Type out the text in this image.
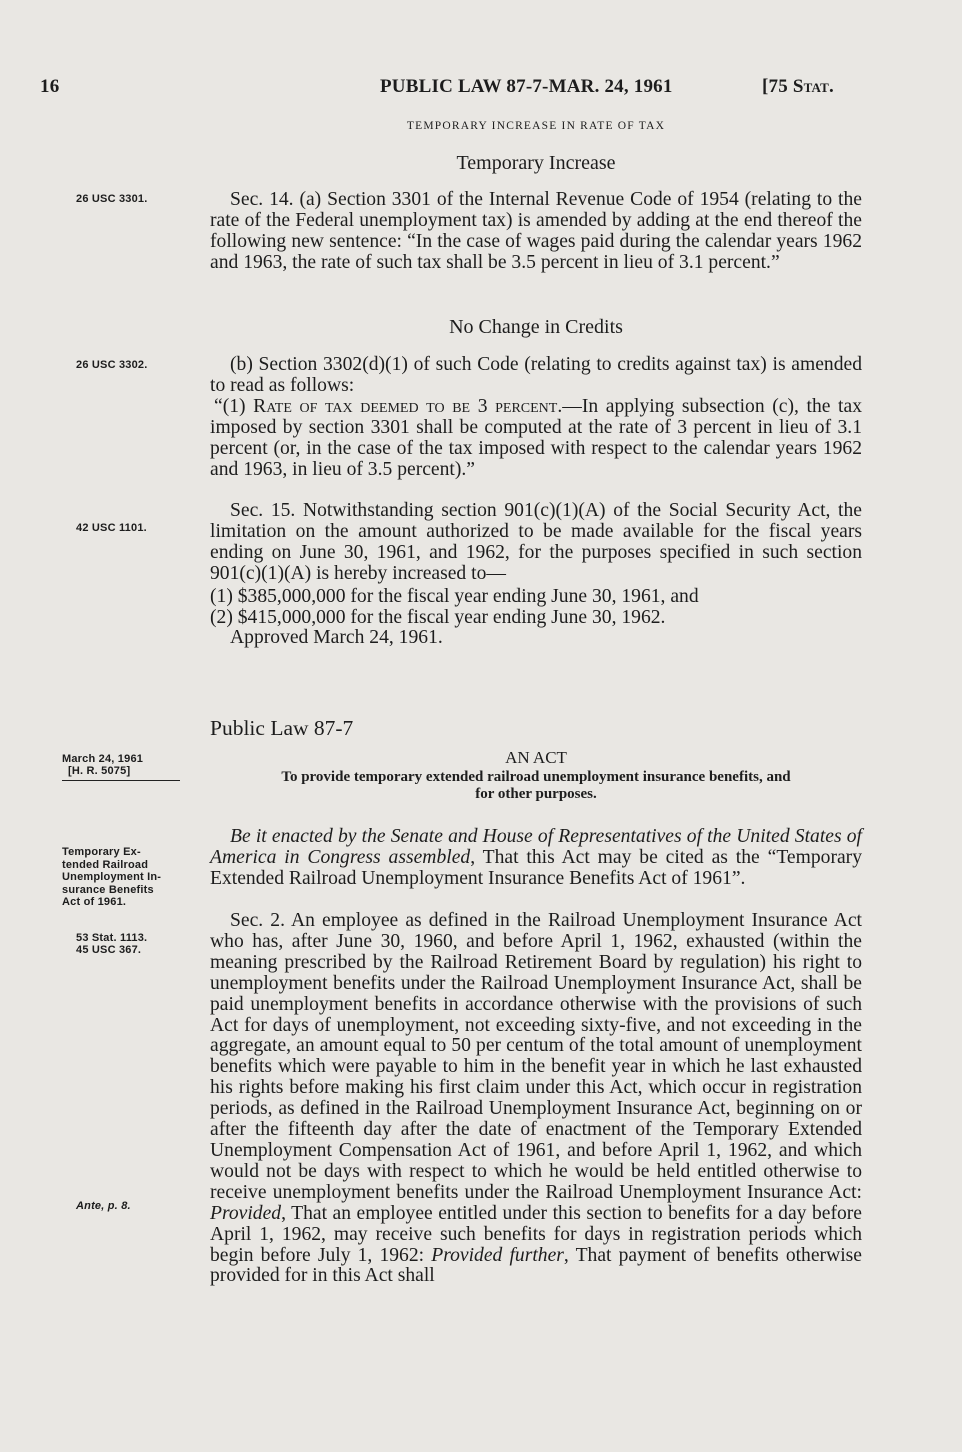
16	PUBLIC LAW 87-7-MAR. 24, 1961	[75 Stat.
TEMPORARY INCREASE IN RATE OF TAX
Temporary Increase
26 USC 3301.
26 USC 3302.
42 USC 1101.
March 24, 1961
[H. R. 5075]
Temporary Ex-
tended Railroad
Unemployment In-
surance Benefits
Act of 1961.
53 Stat. 1113.
45 USC 367.
Ante, p. 8.

Sec. 14. (a) Section 3301 of the Internal Revenue Code of 1954 (relating to the rate of the Federal unemployment tax) is amended by adding at the end thereof the following new sentence: “In the case of wages paid during the calendar years 1962 and 1963, the rate of such tax shall be 3.5 percent in lieu of 3.1 percent.”

No Change in Credits

(b) Section 3302(d)(1) of such Code (relating to credits against tax) is amended to read as follows:

“(1) Rate of tax deemed to be 3 percent.—In applying subsection (c), the tax imposed by section 3301 shall be computed at the rate of 3 percent in lieu of 3.1 percent (or, in the case of the tax imposed with respect to the calendar years 1962 and 1963, in lieu of 3.5 percent).”

Sec. 15. Notwithstanding section 901(c)(1)(A) of the Social Security Act, the limitation on the amount authorized to be made available for the fiscal years ending on June 30, 1961, and 1962, for the purposes specified in such section 901(c)(1)(A) is hereby increased to—

(1) $385,000,000 for the fiscal year ending June 30, 1961, and

(2) $415,000,000 for the fiscal year ending June 30, 1962.

Approved March 24, 1961.

Public Law 87-7
AN ACT
To provide temporary extended railroad unemployment insurance benefits, and
for other purposes.

Be it enacted by the Senate and House of Representatives of the United States of America in Congress assembled, That this Act may be cited as the “Temporary Extended Railroad Unemployment Insurance Benefits Act of 1961”.

Sec. 2. An employee as defined in the Railroad Unemployment Insurance Act who has, after June 30, 1960, and before April 1, 1962, exhausted (within the meaning prescribed by the Railroad Retirement Board by regulation) his right to unemployment benefits under the Railroad Unemployment Insurance Act, shall be paid unemployment benefits in accordance otherwise with the provisions of such Act for days of unemployment, not exceeding sixty-five, and not exceeding in the aggregate, an amount equal to 50 per centum of the total amount of unemployment benefits which were payable to him in the benefit year in which he last exhausted his rights before making his first claim under this Act, which occur in registration periods, as defined in the Railroad Unemployment Insurance Act, beginning on or after the fifteenth day after the date of enactment of the Temporary Extended Unemployment Compensation Act of 1961, and before April 1, 1962, and which would not be days with respect to which he would be held entitled otherwise to receive unemployment benefits under the Railroad Unemployment Insurance Act: Provided, That an employee entitled under this section to benefits for a day before April 1, 1962, may receive such benefits for days in registration periods which begin before July 1, 1962: Provided further, That payment of benefits otherwise provided for in this Act shall
